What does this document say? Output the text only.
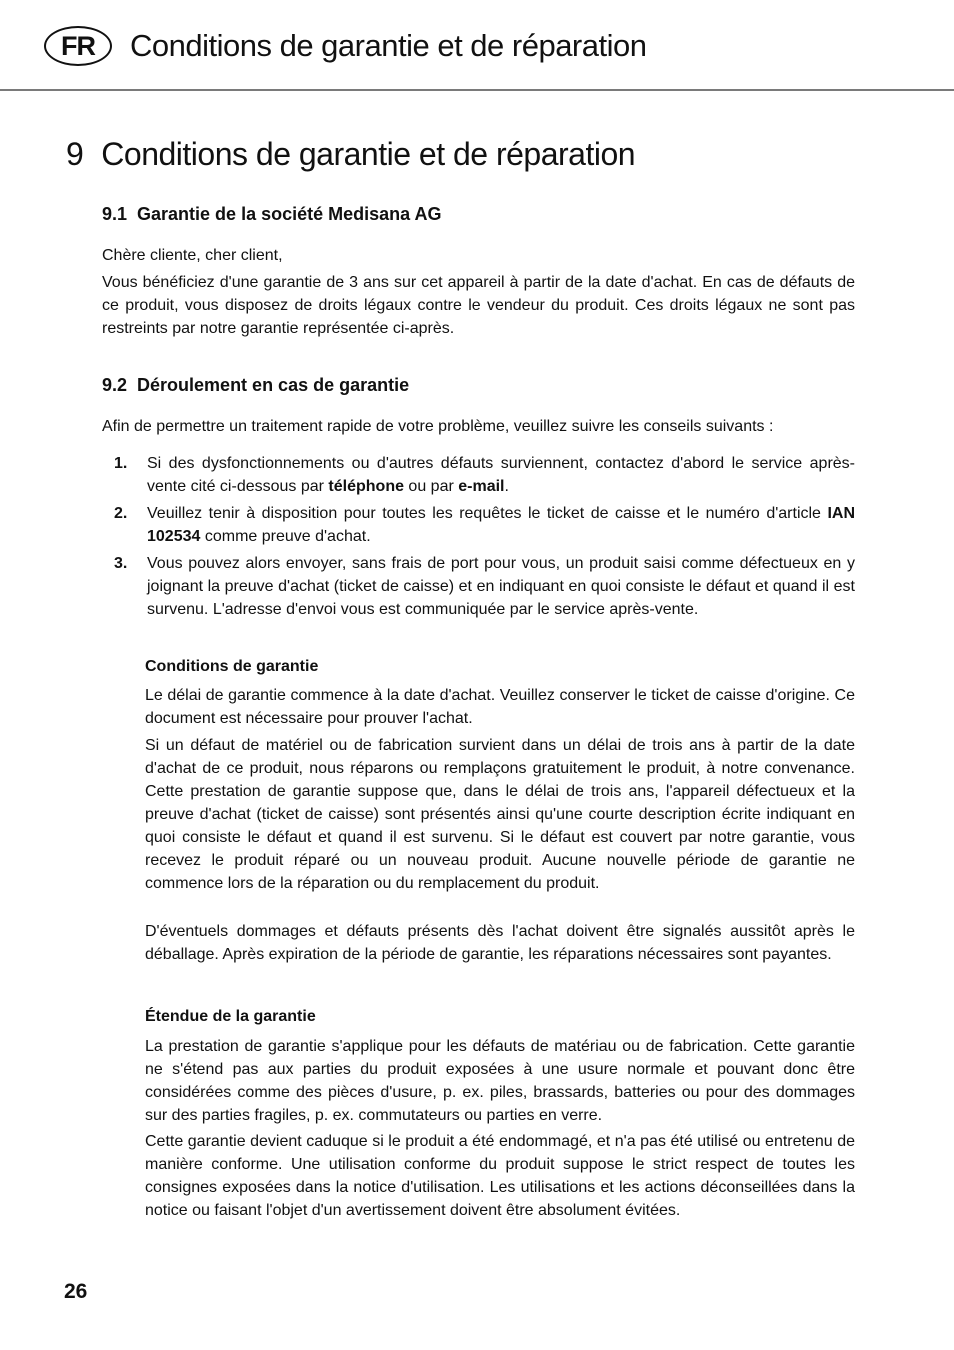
FR	Conditions de garantie et de réparation
9 Conditions de garantie et de réparation
9.1 Garantie de la société Medisana AG
Chère cliente, cher client,
Vous bénéficiez d'une garantie de 3 ans sur cet appareil à partir de la date d'achat. En cas de défauts de ce produit, vous disposez de droits légaux contre le vendeur du produit. Ces droits légaux ne sont pas restreints par notre garantie représentée ci-après.
9.2 Déroulement en cas de garantie
Afin de permettre un traitement rapide de votre problème, veuillez suivre les conseils suivants :
1.	Si des dysfonctionnements ou d'autres défauts surviennent, contactez d'abord le service après-vente cité ci-dessous par téléphone ou par e-mail.
2.	Veuillez tenir à disposition pour toutes les requêtes le ticket de caisse et le numéro d'article IAN 102534 comme preuve d'achat.
3.	Vous pouvez alors envoyer, sans frais de port pour vous, un produit saisi comme défectueux en y joignant la preuve d'achat (ticket de caisse) et en indiquant en quoi consiste le défaut et quand il est survenu. L'adresse d'envoi vous est communiquée par le service après-vente.
Conditions de garantie
Le délai de garantie commence à la date d'achat. Veuillez conserver le ticket de caisse d'origine. Ce document est nécessaire pour prouver l'achat.
Si un défaut de matériel ou de fabrication survient dans un délai de trois ans à partir de la date d'achat de ce produit, nous réparons ou remplaçons gratuitement le produit, à notre convenance. Cette prestation de garantie suppose que, dans le délai de trois ans, l'appareil défectueux et la preuve d'achat (ticket de caisse) sont présentés ainsi qu'une courte description écrite indiquant en quoi consiste le défaut et quand il est survenu. Si le défaut est couvert par notre garantie, vous recevez le produit réparé ou un nouveau produit. Aucune nouvelle période de garantie ne commence lors de la réparation ou du remplacement du produit.
D'éventuels dommages et défauts présents dès l'achat doivent être signalés aussitôt après le déballage. Après expiration de la période de garantie, les réparations nécessaires sont payantes.
Étendue de la garantie
La prestation de garantie s'applique pour les défauts de matériau ou de fabrication. Cette garantie ne s'étend pas aux parties du produit exposées à une usure normale et pouvant donc être considérées comme des pièces d'usure, p. ex. piles, brassards, batteries ou pour des dommages sur des parties fragiles, p. ex. commutateurs ou parties en verre.
Cette garantie devient caduque si le produit a été endommagé, et n'a pas été utilisé ou entretenu de manière conforme. Une utilisation conforme du produit suppose le strict respect de toutes les consignes exposées dans la notice d'utilisation. Les utilisations et les actions déconseillées dans la notice ou faisant l'objet d'un avertissement doivent être absolument évitées.
26
